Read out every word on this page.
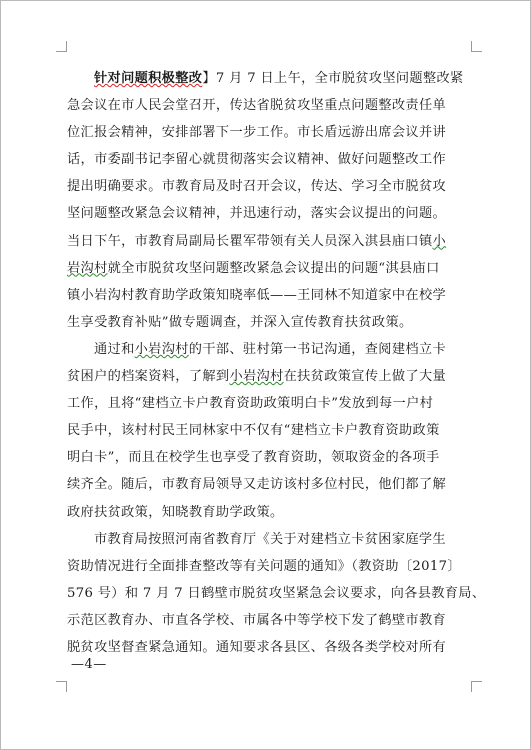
针对问题积极整改】7 月 7 日上午，全市脱贫攻坚问题整改紧
急会议在市人民会堂召开，传达省脱贫攻坚重点问题整改责任单
位汇报会精神，安排部署下一步工作。市长盾远游出席会议并讲
话，市委副书记李留心就贯彻落实会议精神、做好问题整改工作
提出明确要求。市教育局及时召开会议，传达、学习全市脱贫攻
坚问题整改紧急会议精神，并迅速行动，落实会议提出的问题。
当日下午，市教育局副局长瞿军带领有关人员深入淇县庙口镇小
岩沟村就全市脱贫攻坚问题整改紧急会议提出的问题“淇县庙口
镇小岩沟村教育助学政策知晓率低——王同林不知道家中在校学
生享受教育补贴”做专题调查，并深入宣传教育扶贫政策。
通过和小岩沟村的干部、驻村第一书记沟通，查阅建档立卡
贫困户的档案资料，了解到小岩沟村在扶贫政策宣传上做了大量
工作，且将“建档立卡户教育资助政策明白卡”发放到每一户村
民手中，该村村民王同林家中不仅有“建档立卡户教育资助政策
明白卡”，而且在校学生也享受了教育资助，领取资金的各项手
续齐全。随后，市教育局领导又走访该村多位村民，他们都了解
政府扶贫政策，知晓教育助学政策。
市教育局按照河南省教育厅《关于对建档立卡贫困家庭学生
资助情况进行全面排查整改等有关问题的通知》（教资助〔2017〕
576 号）和 7 月 7 日鹤壁市脱贫攻坚紧急会议要求，向各县教育局、
示范区教育办、市直各学校、市属各中等学校下发了鹤壁市教育
脱贫攻坚督查紧急通知。通知要求各县区、各级各类学校对所有
—4—
